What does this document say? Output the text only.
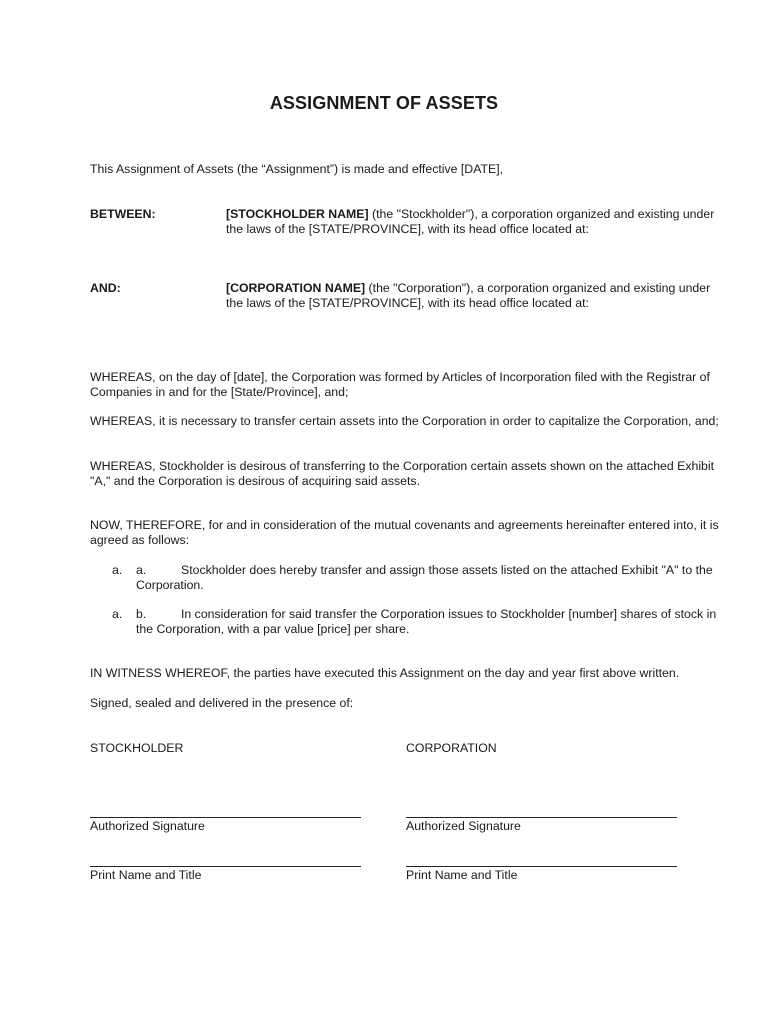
ASSIGNMENT OF ASSETS
This Assignment of Assets (the “Assignment”) is made and effective [DATE],
BETWEEN:	[STOCKHOLDER NAME] (the "Stockholder"), a corporation organized and existing under the laws of the [STATE/PROVINCE], with its head office located at:
AND:	[CORPORATION NAME] (the "Corporation"), a corporation organized and existing under the laws of the [STATE/PROVINCE], with its head office located at:
WHEREAS, on the day of [date], the Corporation was formed by Articles of Incorporation filed with the Registrar of Companies in and for the [State/Province], and;
WHEREAS, it is necessary to transfer certain assets into the Corporation in order to capitalize the Corporation, and;
WHEREAS, Stockholder is desirous of transferring to the Corporation certain assets shown on the attached Exhibit "A," and the Corporation is desirous of acquiring said assets.
NOW, THEREFORE, for and in consideration of the mutual covenants and agreements hereinafter entered into, it is agreed as follows:
a. a.	Stockholder does hereby transfer and assign those assets listed on the attached Exhibit "A" to the Corporation.
a. b.	In consideration for said transfer the Corporation issues to Stockholder [number] shares of stock in the Corporation, with a par value [price] per share.
IN WITNESS WHEREOF, the parties have executed this Assignment on the day and year first above written.
Signed, sealed and delivered in the presence of:
STOCKHOLDER
Authorized Signature
Print Name and Title
CORPORATION
Authorized Signature
Print Name and Title
